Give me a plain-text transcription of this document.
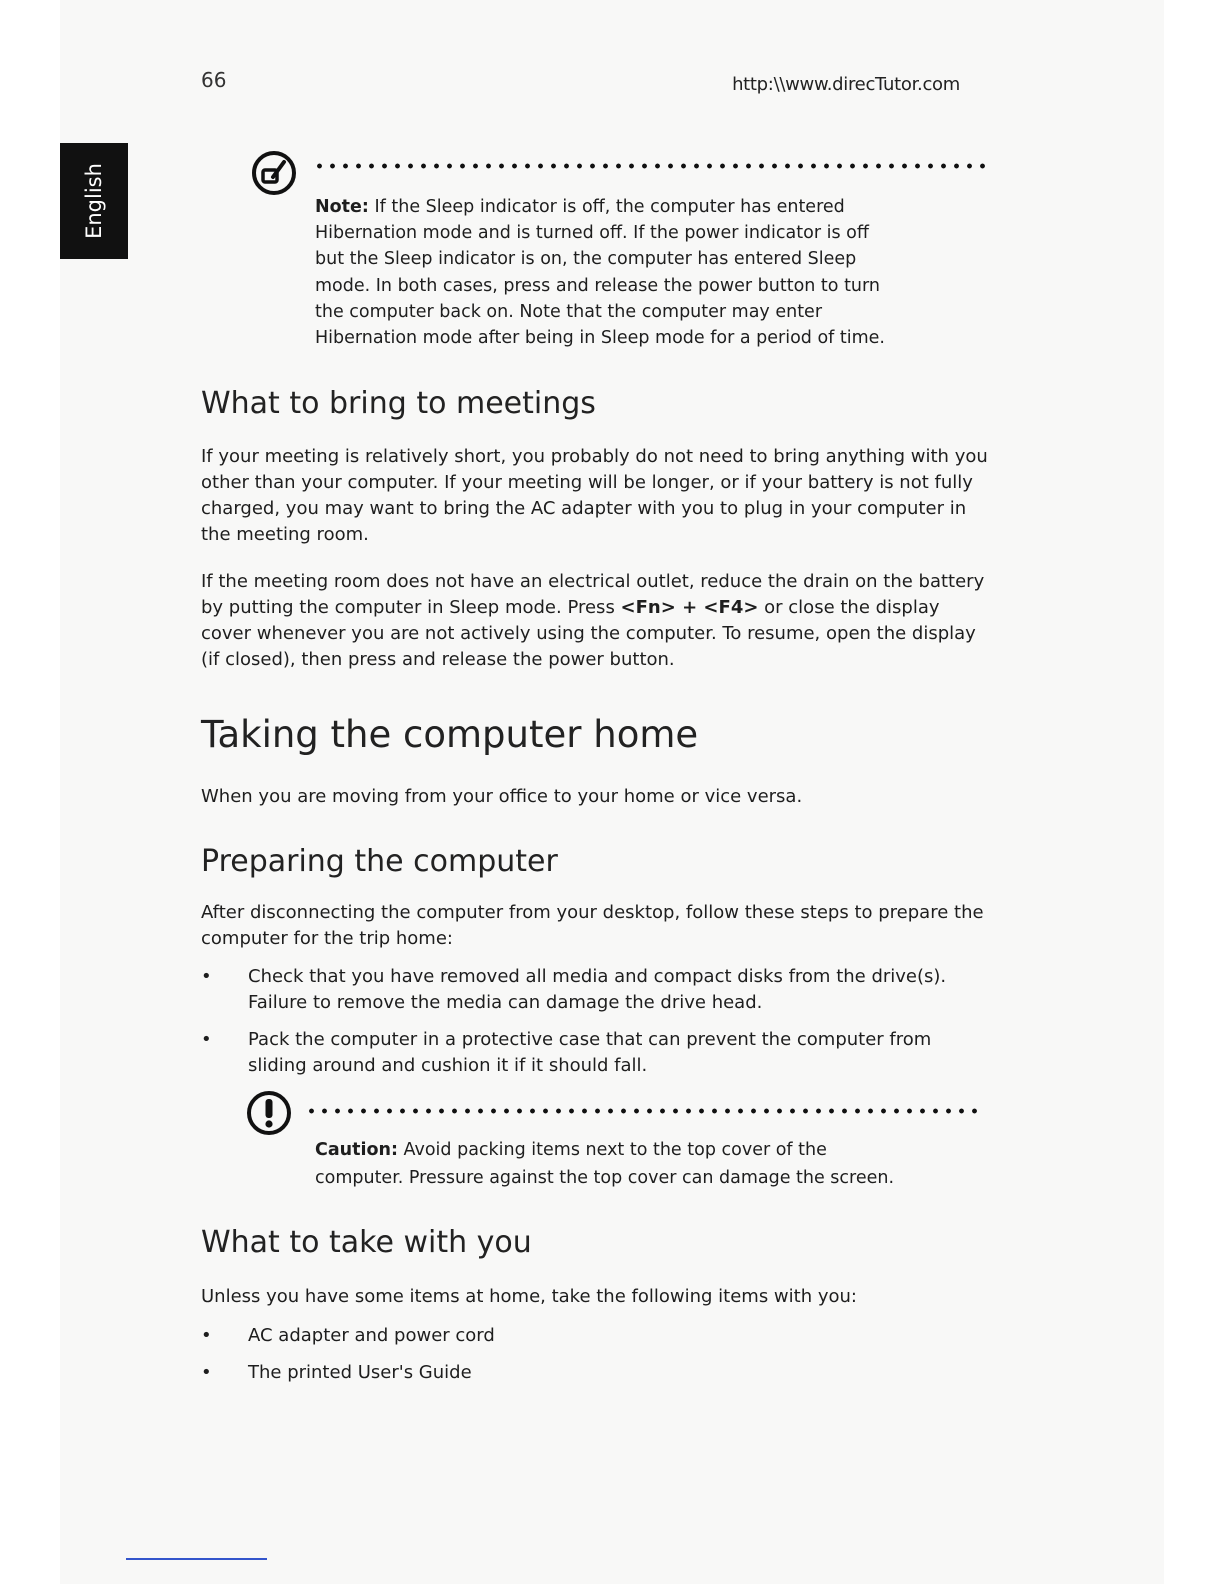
English
66	http:\\www.direcTutor.com
Note: If the Sleep indicator is off, the computer has entered
Hibernation mode and is turned off. If the power indicator is off
but the Sleep indicator is on, the computer has entered Sleep
mode. In both cases, press and release the power button to turn
the computer back on. Note that the computer may enter
Hibernation mode after being in Sleep mode for a period of time.
What to bring to meetings

If your meeting is relatively short, you probably do not need to bring anything with you other than your computer. If your meeting will be longer, or if your battery is not fully charged, you may want to bring the AC adapter with you to plug in your computer in the meeting room.

If the meeting room does not have an electrical outlet, reduce the drain on the battery by putting the computer in Sleep mode. Press <Fn> + <F4> or close the display cover whenever you are not actively using the computer. To resume, open the display (if closed), then press and release the power button.

Taking the computer home

When you are moving from your office to your home or vice versa.

Preparing the computer

After disconnecting the computer from your desktop, follow these steps to prepare the computer for the trip home:

•	Check that you have removed all media and compact disks from the drive(s). Failure to remove the media can damage the drive head.
•	Pack the computer in a protective case that can prevent the computer from sliding around and cushion it if it should fall.
Caution: Avoid packing items next to the top cover of the
computer. Pressure against the top cover can damage the screen.
What to take with you

Unless you have some items at home, take the following items with you:

•	AC adapter and power cord
•	The printed User's Guide
